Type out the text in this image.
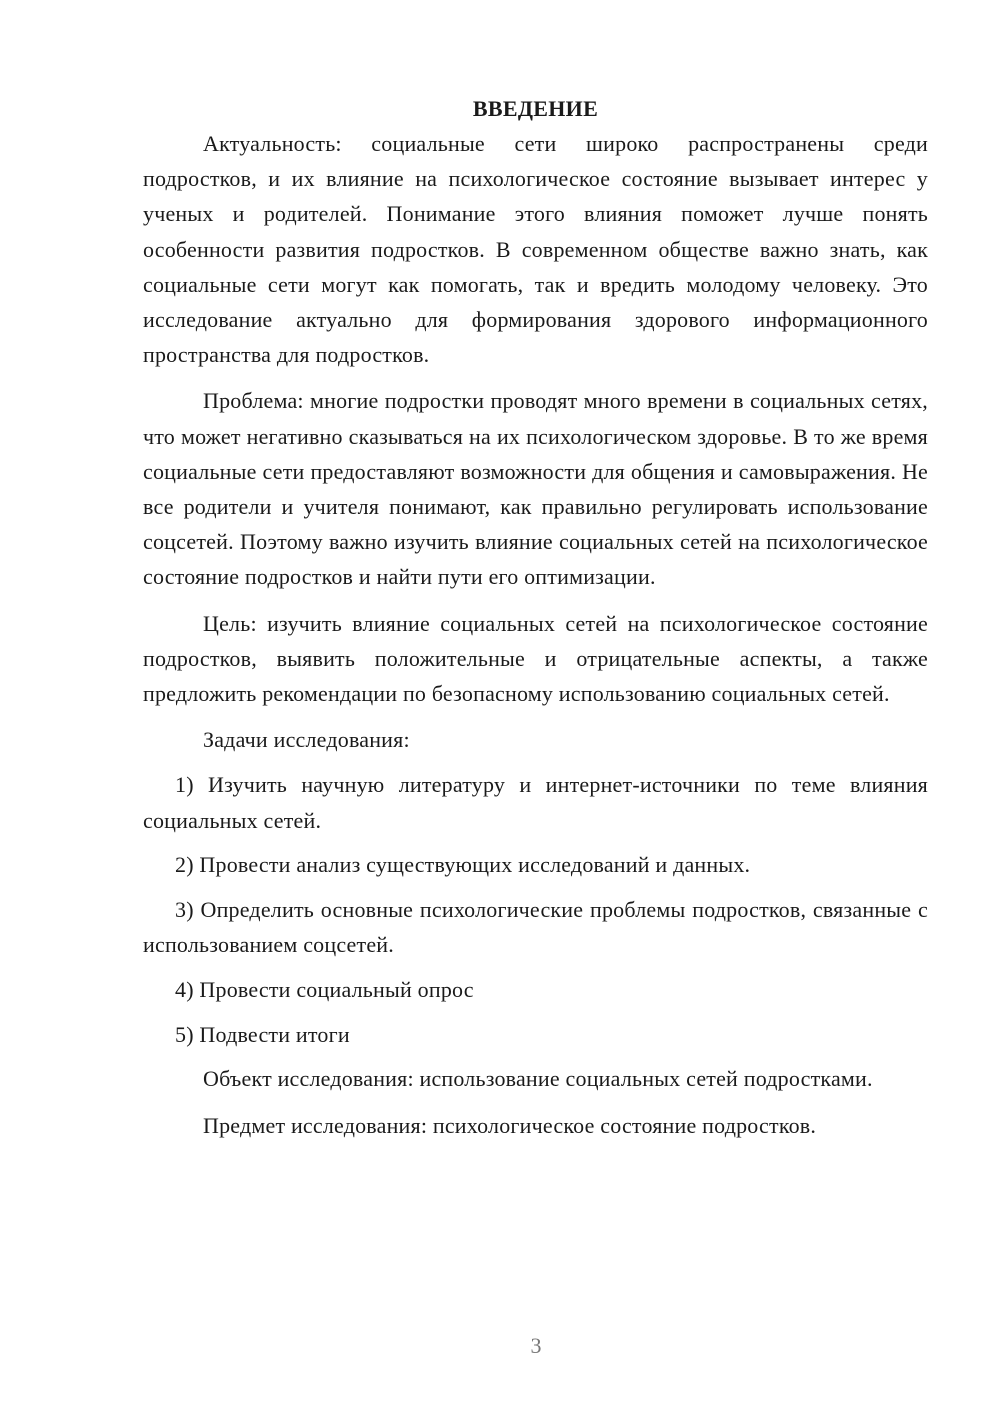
ВВЕДЕНИЕ

Актуальность: социальные сети широко распространены среди подростков, и их влияние на психологическое состояние вызывает интерес у ученых и родителей. Понимание этого влияния поможет лучше понять особенности развития подростков. В современном обществе важно знать, как социальные сети могут как помогать, так и вредить молодому человеку. Это исследование актуально для формирования здорового информационного пространства для подростков.

Проблема: многие подростки проводят много времени в социальных сетях, что может негативно сказываться на их психологическом здоровье. В то же время социальные сети предоставляют возможности для общения и самовыражения. Не все родители и учителя понимают, как правильно регулировать использование соцсетей. Поэтому важно изучить влияние социальных сетей на психологическое состояние подростков и найти пути его оптимизации.

Цель: изучить влияние социальных сетей на психологическое состояние подростков, выявить положительные и отрицательные аспекты, а также предложить рекомендации по безопасному использованию социальных сетей.

Задачи исследования:

1) Изучить научную литературу и интернет-источники по теме влияния социальных сетей.

2) Провести анализ существующих исследований и данных.

3) Определить основные психологические проблемы подростков, связанные с использованием соцсетей.

4) Провести социальный опрос

5) Подвести итоги

Объект исследования: использование социальных сетей подростками.

Предмет исследования: психологическое состояние подростков.

3
